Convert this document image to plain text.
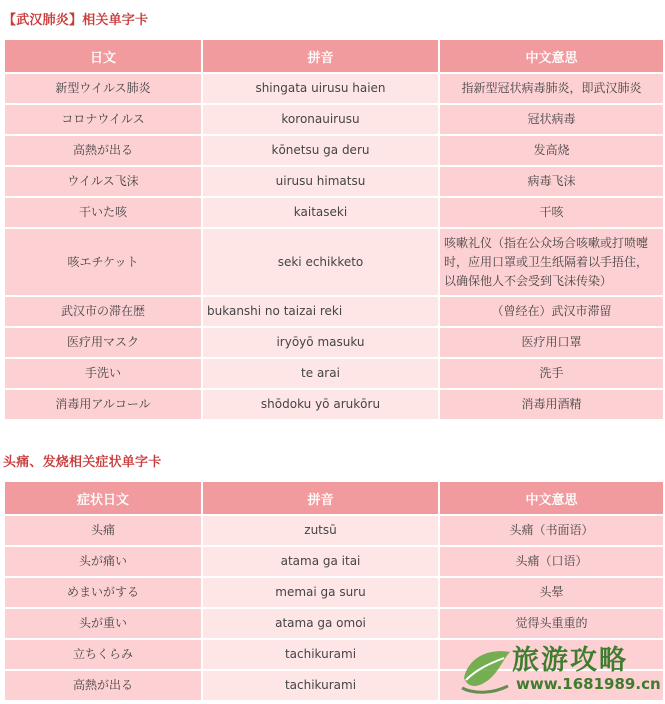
【武汉肺炎】相关单字卡
日文	拼音	中文意思
新型ウイルス肺炎	shingata uirusu haien	指新型冠状病毒肺炎，即武汉肺炎
コロナウイルス	koronauirusu	冠状病毒
高熱が出る	kōnetsu ga deru	发高烧
ウイルス飞沫	uirusu himatsu	病毒飞沫
干いた咳	kaitaseki	干咳
咳エチケット	seki echikketo	咳嗽礼仪（指在公众场合咳嗽或打喷嚏时，应用口罩或卫生纸隔着以手捂住，以确保他人不会受到飞沫传染）
武汉市の滞在歴	bukanshi no taizai reki	（曾经在）武汉市滞留
医疗用マスク	iryōyō masuku	医疗用口罩
手洗い	te arai	洗手
消毒用アルコール	shōdoku yō arukōru	消毒用酒精
头痛、发烧相关症状单字卡
症状日文	拼音	中文意思
头痛	zutsū	头痛（书面语）
头が痛い	atama ga itai	头痛（口语）
めまいがする	memai ga suru	头晕
头が重い	atama ga omoi	觉得头重重的
立ちくらみ	tachikurami	
高熱が出る	tachikurami	
旅游攻略
www.1681989.cn
